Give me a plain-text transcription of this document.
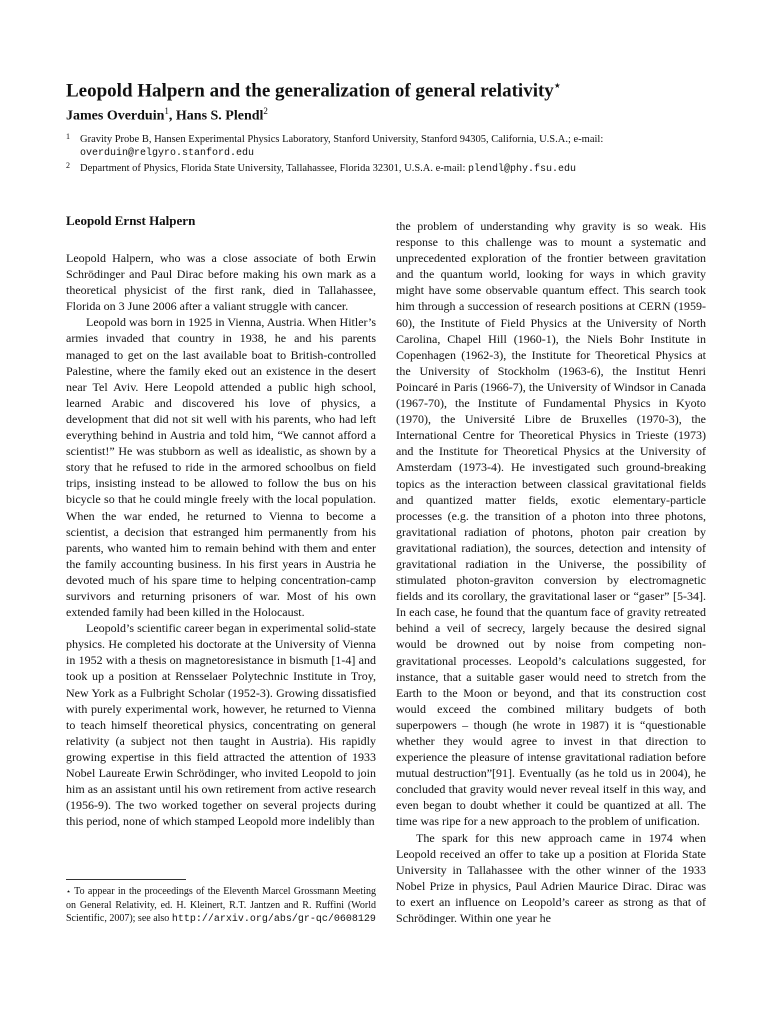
Leopold Halpern and the generalization of general relativity⋆
James Overduin$^1$, Hans S. Plendl$^2$
1 Gravity Probe B, Hansen Experimental Physics Laboratory, Stanford University, Stanford 94305, California, U.S.A.; e-mail:
overduin@relgyro.stanford.edu
2 Department of Physics, Florida State University, Tallahassee, Florida 32301, U.S.A. e-mail: plendl@phy.fsu.edu
Leopold Ernst Halpern

Leopold Halpern, who was a close associate of both Erwin Schrödinger and Paul Dirac before making his own mark as a theoretical physicist of the first rank, died in Tallahassee, Florida on 3 June 2006 after a valiant struggle with cancer.

Leopold was born in 1925 in Vienna, Austria. When Hitler’s armies invaded that country in 1938, he and his parents managed to get on the last available boat to British-controlled Palestine, where the family eked out an existence in the desert near Tel Aviv. Here Leopold attended a public high school, learned Arabic and discovered his love of physics, a development that did not sit well with his parents, who had left everything behind in Austria and told him, “We cannot afford a scientist!” He was stubborn as well as idealistic, as shown by a story that he refused to ride in the armored schoolbus on field trips, insisting instead to be allowed to follow the bus on his bicycle so that he could mingle freely with the local population. When the war ended, he returned to Vienna to become a scientist, a decision that estranged him permanently from his parents, who wanted him to remain behind with them and enter the family accounting business. In his first years in Austria he devoted much of his spare time to helping concentration-camp survivors and returning prisoners of war. Most of his own extended family had been killed in the Holocaust.

Leopold’s scientific career began in experimental solid-state physics. He completed his doctorate at the University of Vienna in 1952 with a thesis on magnetoresistance in bismuth [1-4] and took up a position at Rensselaer Polytechnic Institute in Troy, New York as a Fulbright Scholar (1952-3). Growing dissatisfied with purely experimental work, however, he returned to Vienna to teach himself theoretical physics, concentrating on general relativity (a subject not then taught in Austria). His rapidly growing expertise in this field attracted the attention of 1933 Nobel Laureate Erwin Schrödinger, who invited Leopold to join him as an assistant until his own retirement from active research (1956-9). The two worked together on several projects during this period, none of which stamped Leopold more indelibly than

⋆ To appear in the proceedings of the Eleventh Marcel Grossmann Meeting on General Relativity, ed. H. Kleinert, R.T. Jantzen and R. Ruffini (World Scientific, 2007); see also http://arxiv.org/abs/gr-qc/0608129

the problem of understanding why gravity is so weak. His response to this challenge was to mount a systematic and unprecedented exploration of the frontier between gravitation and the quantum world, looking for ways in which gravity might have some observable quantum effect. This search took him through a succession of research positions at CERN (1959-60), the Institute of Field Physics at the University of North Carolina, Chapel Hill (1960-1), the Niels Bohr Institute in Copenhagen (1962-3), the Institute for Theoretical Physics at the University of Stockholm (1963-6), the Institut Henri Poincaré in Paris (1966-7), the University of Windsor in Canada (1967-70), the Institute of Fundamental Physics in Kyoto (1970), the Université Libre de Bruxelles (1970-3), the International Centre for Theoretical Physics in Trieste (1973) and the Institute for Theoretical Physics at the University of Amsterdam (1973-4). He investigated such ground-breaking topics as the interaction between classical gravitational fields and quantized matter fields, exotic elementary-particle processes (e.g. the transition of a photon into three photons, gravitational radiation of photons, photon pair creation by gravitational radiation), the sources, detection and intensity of gravitational radiation in the Universe, the possibility of stimulated photon-graviton conversion by electromagnetic fields and its corollary, the gravitational laser or “gaser” [5-34]. In each case, he found that the quantum face of gravity retreated behind a veil of secrecy, largely because the desired signal would be drowned out by noise from competing non-gravitational processes. Leopold’s calculations suggested, for instance, that a suitable gaser would need to stretch from the Earth to the Moon or beyond, and that its construction cost would exceed the combined military budgets of both superpowers – though (he wrote in 1987) it is “questionable whether they would agree to invest in that direction to experience the pleasure of intense gravitational radiation before mutual destruction”[91]. Eventually (as he told us in 2004), he concluded that gravity would never reveal itself in this way, and even began to doubt whether it could be quantized at all. The time was ripe for a new approach to the problem of unification.

The spark for this new approach came in 1974 when Leopold received an offer to take up a position at Florida State University in Tallahassee with the other winner of the 1933 Nobel Prize in physics, Paul Adrien Maurice Dirac. Dirac was to exert an influence on Leopold’s career as strong as that of Schrödinger. Within one year he
